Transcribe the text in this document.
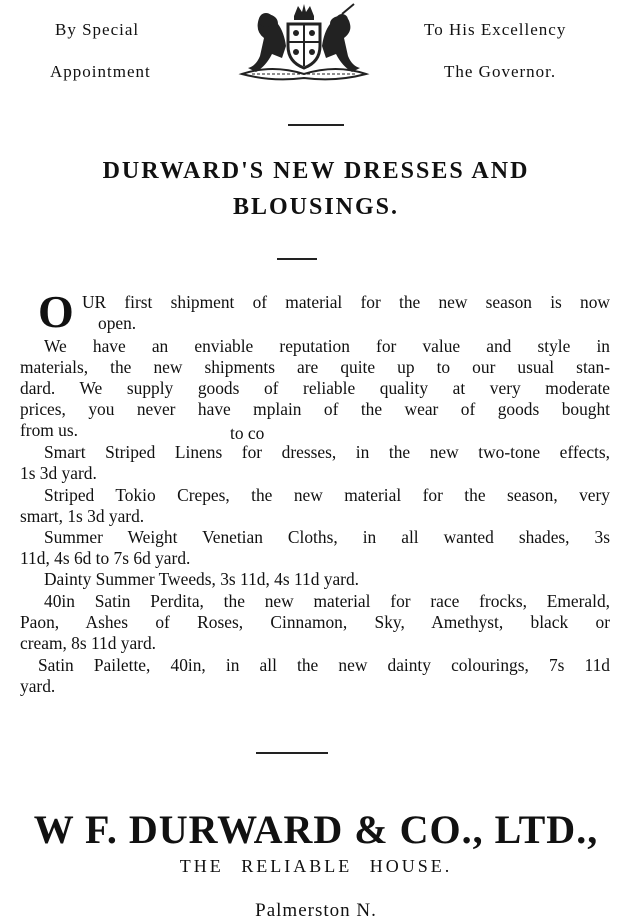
By Special
Appointment
To His Excellency
The Governor.
DURWARD'S NEW DRESSES AND
BLOUSINGS.
O UR first shipment of material for the new season is now
open.
We have an enviable reputation for value and style in
materials, the new shipments are quite up to our usual stan-
dard. We supply goods of reliable quality at very moderate
prices, you never have mplain of the wear of goods bought
from us.	to co
Smart Striped Linens for dresses, in the new two-tone effects,
1s 3d yard.
Striped Tokio Crepes, the new material for the season, very
smart, 1s 3d yard.
Summer Weight Venetian Cloths, in all wanted shades, 3s
11d, 4s 6d to 7s 6d yard.
Dainty Summer Tweeds, 3s 11d, 4s 11d yard.
40in Satin Perdita, the new material for race frocks, Emerald,
Paon, Ashes of Roses, Cinnamon, Sky, Amethyst, black or
cream, 8s 11d yard.
Satin Pailette, 40in, in all the new dainty colourings, 7s 11d
yard.
W F. DURWARD & CO., LTD.,
THE RELIABLE HOUSE.
Palmerston N.
